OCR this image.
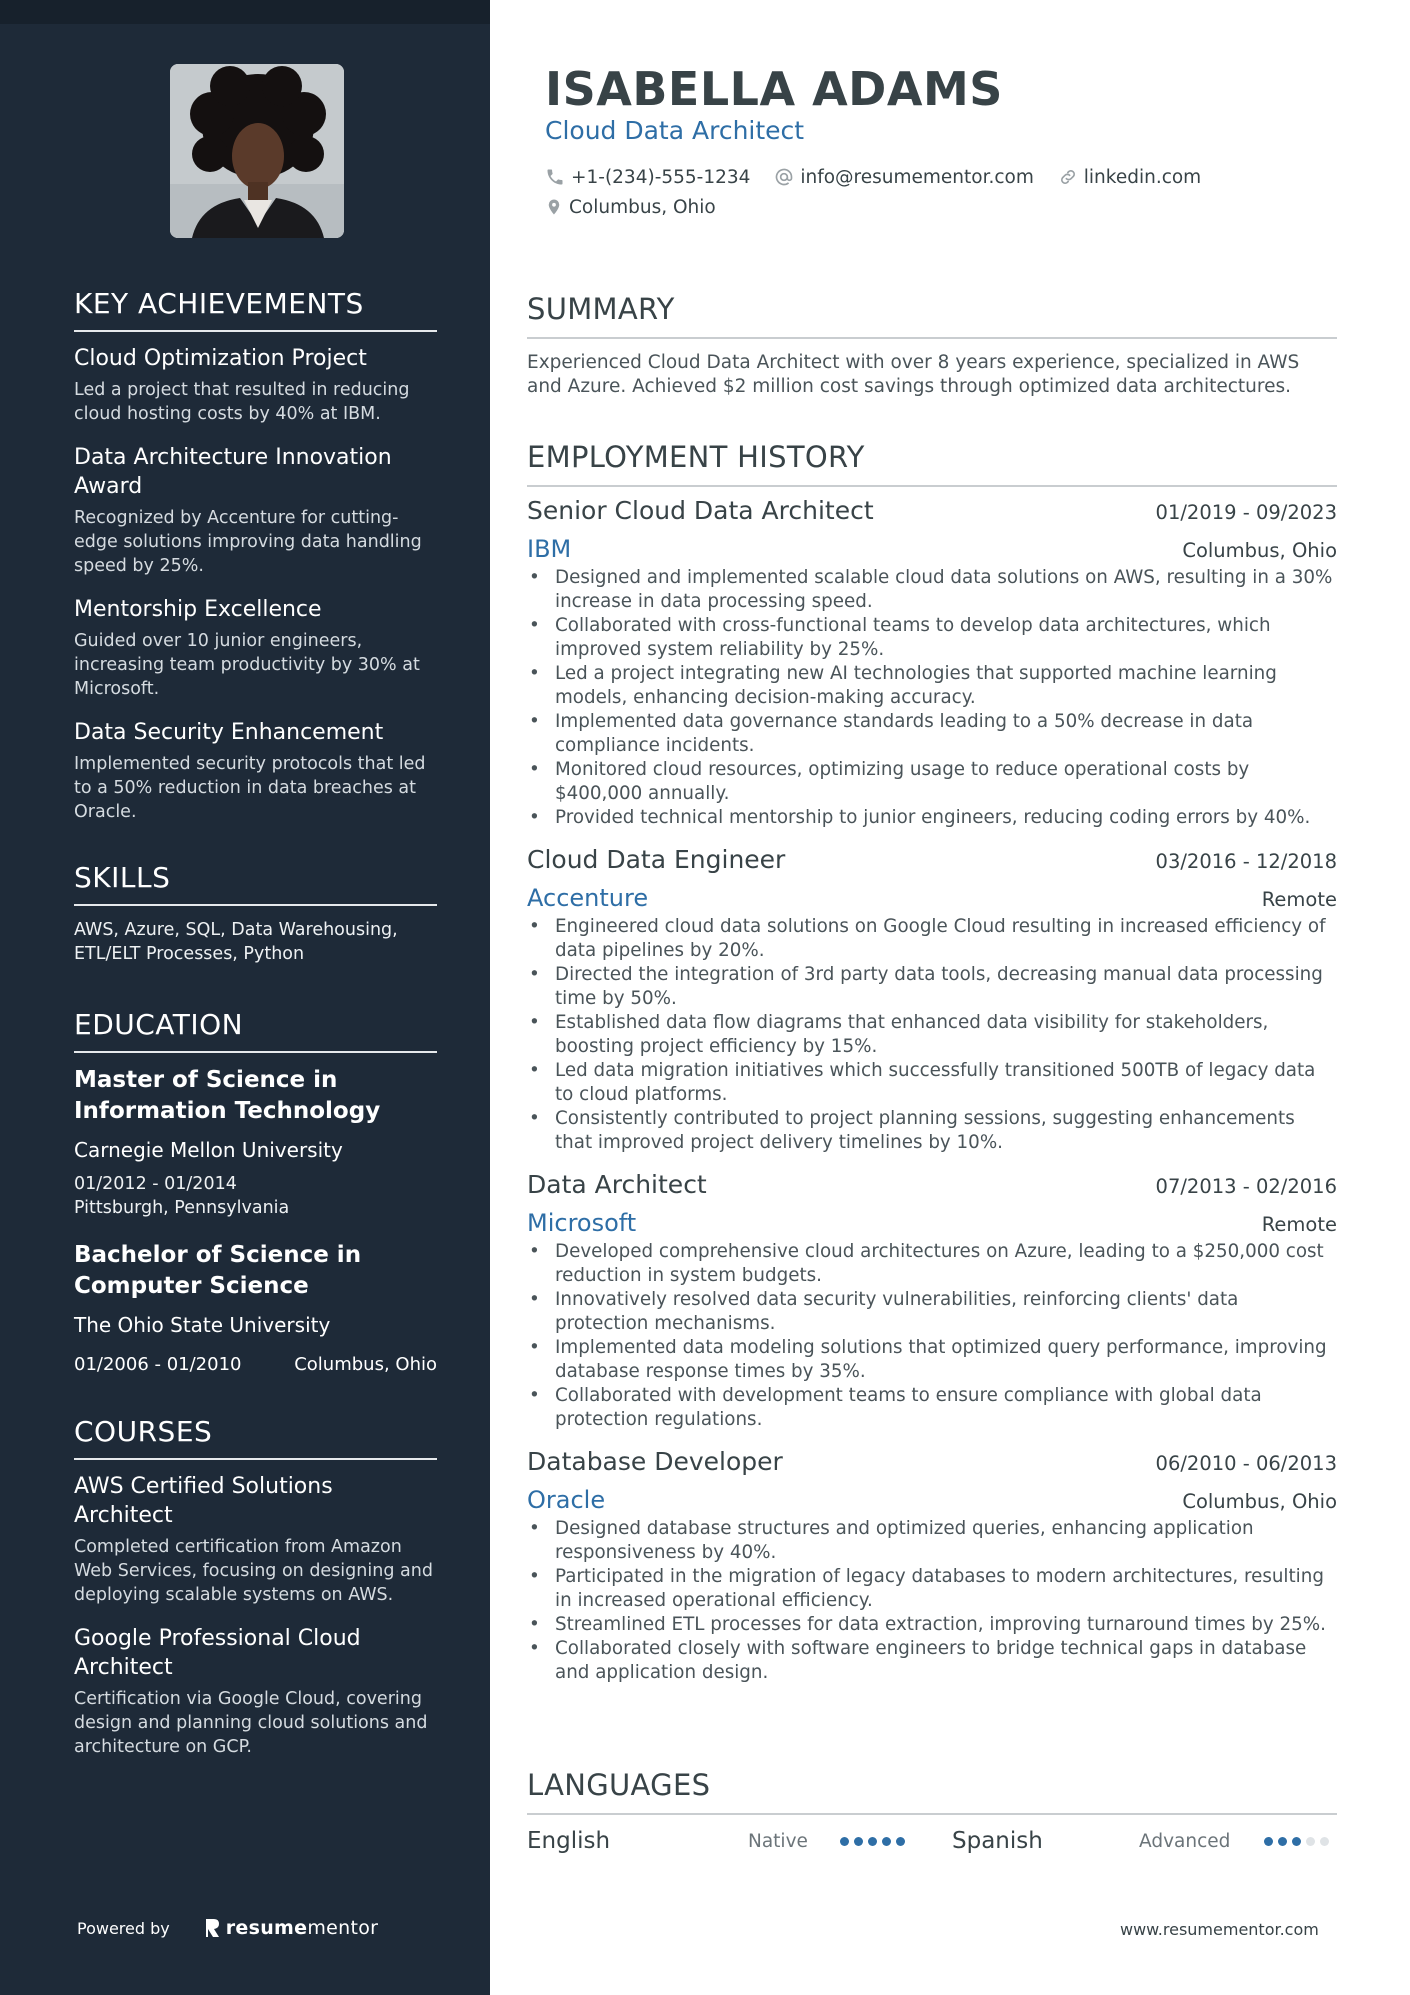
KEY ACHIEVEMENTS
Cloud Optimization Project
Led a project that resulted in reducing cloud hosting costs by 40% at IBM.
Data Architecture Innovation Award
Recognized by Accenture for cutting-edge solutions improving data handling speed by 25%.
Mentorship Excellence
Guided over 10 junior engineers, increasing team productivity by 30% at Microsoft.
Data Security Enhancement
Implemented security protocols that led to a 50% reduction in data breaches at Oracle.
SKILLS
AWS, Azure, SQL, Data Warehousing, ETL/ELT Processes, Python
EDUCATION
Master of Science in Information Technology
Carnegie Mellon University
01/2012 - 01/2014
Pittsburgh, Pennsylvania
Bachelor of Science in Computer Science
The Ohio State University
01/2006 - 01/2010	Columbus, Ohio
COURSES
AWS Certified Solutions Architect
Completed certification from Amazon Web Services, focusing on designing and deploying scalable systems on AWS.
Google Professional Cloud Architect
Certification via Google Cloud, covering design and planning cloud solutions and architecture on GCP.
Powered by	resume mentor
ISABELLA ADAMS
Cloud Data Architect
+1-(234)-555-1234
	info@resumementor.com
	linkedin.com
Columbus, Ohio
SUMMARY
Experienced Cloud Data Architect with over 8 years experience, specialized in AWS and Azure. Achieved $2 million cost savings through optimized data architectures.
EMPLOYMENT HISTORY
Senior Cloud Data Architect	01/2019 - 09/2023
IBM	Columbus, Ohio
• Designed and implemented scalable cloud data solutions on AWS, resulting in a 30% increase in data processing speed.
• Collaborated with cross-functional teams to develop data architectures, which improved system reliability by 25%.
• Led a project integrating new AI technologies that supported machine learning models, enhancing decision-making accuracy.
• Implemented data governance standards leading to a 50% decrease in data compliance incidents.
• Monitored cloud resources, optimizing usage to reduce operational costs by $400,000 annually.
• Provided technical mentorship to junior engineers, reducing coding errors by 40%.
Cloud Data Engineer	03/2016 - 12/2018
Accenture	Remote
• Engineered cloud data solutions on Google Cloud resulting in increased efficiency of data pipelines by 20%.
• Directed the integration of 3rd party data tools, decreasing manual data processing time by 50%.
• Established data flow diagrams that enhanced data visibility for stakeholders, boosting project efficiency by 15%.
• Led data migration initiatives which successfully transitioned 500TB of legacy data to cloud platforms.
• Consistently contributed to project planning sessions, suggesting enhancements that improved project delivery timelines by 10%.
Data Architect	07/2013 - 02/2016
Microsoft	Remote
• Developed comprehensive cloud architectures on Azure, leading to a $250,000 cost reduction in system budgets.
• Innovatively resolved data security vulnerabilities, reinforcing clients' data protection mechanisms.
• Implemented data modeling solutions that optimized query performance, improving database response times by 35%.
• Collaborated with development teams to ensure compliance with global data protection regulations.
Database Developer	06/2010 - 06/2013
Oracle	Columbus, Ohio
• Designed database structures and optimized queries, enhancing application responsiveness by 40%.
• Participated in the migration of legacy databases to modern architectures, resulting in increased operational efficiency.
• Streamlined ETL processes for data extraction, improving turnaround times by 25%.
• Collaborated closely with software engineers to bridge technical gaps in database and application design.
LANGUAGES
English	Native	Spanish	Advanced
www.resumementor.com
